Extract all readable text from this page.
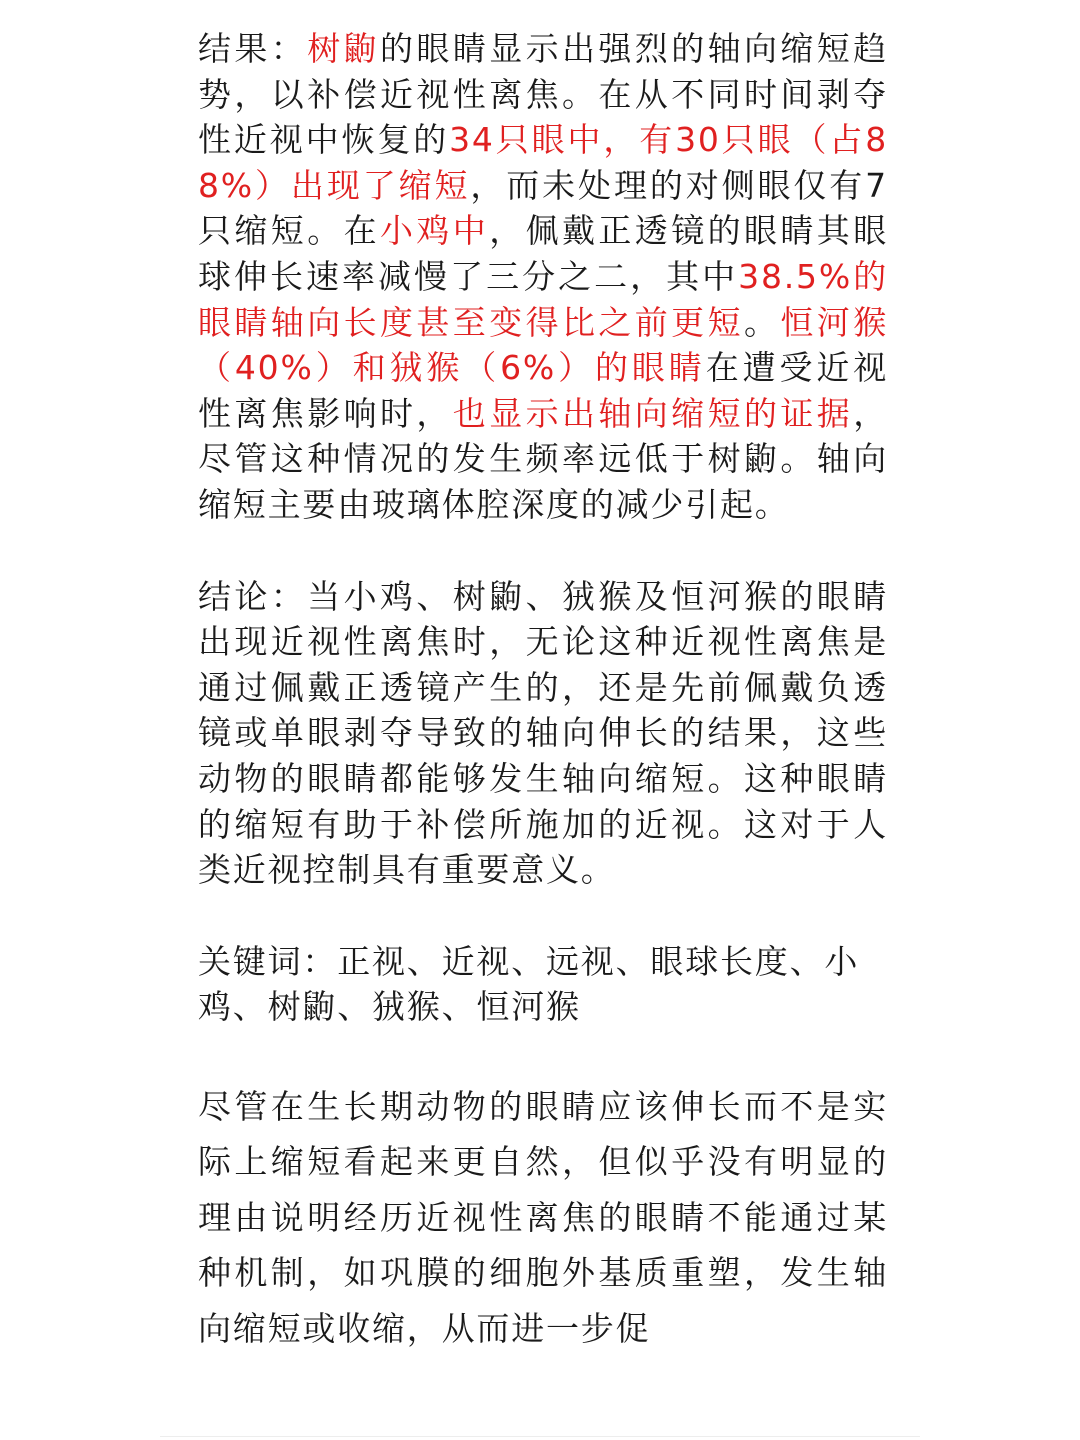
结果：树鼩的眼睛显示出强烈的轴向缩短趋势，以补偿近视性离焦。在从不同时间剥夺性近视中恢复的34只眼中，有30只眼（占88%）出现了缩短，而未处理的对侧眼仅有7只缩短。在小鸡中，佩戴正透镜的眼睛其眼球伸长速率减慢了三分之二，其中38.5%的眼睛轴向长度甚至变得比之前更短。恒河猴（40%）和狨猴（6%）的眼睛在遭受近视性离焦影响时，也显示出轴向缩短的证据，尽管这种情况的发生频率远低于树鼩。轴向缩短主要由玻璃体腔深度的减少引起。

结论：当小鸡、树鼩、狨猴及恒河猴的眼睛出现近视性离焦时，无论这种近视性离焦是通过佩戴正透镜产生的，还是先前佩戴负透镜或单眼剥夺导致的轴向伸长的结果，这些动物的眼睛都能够发生轴向缩短。这种眼睛的缩短有助于补偿所施加的近视。这对于人类近视控制具有重要意义。

关键词：正视、近视、远视、眼球长度、小鸡、树鼩、狨猴、恒河猴

尽管在生长期动物的眼睛应该伸长而不是实际上缩短看起来更自然，但似乎没有明显的理由说明经历近视性离焦的眼睛不能通过某种机制，如巩膜的细胞外基质重塑，发生轴向缩短或收缩，从而进一步促
